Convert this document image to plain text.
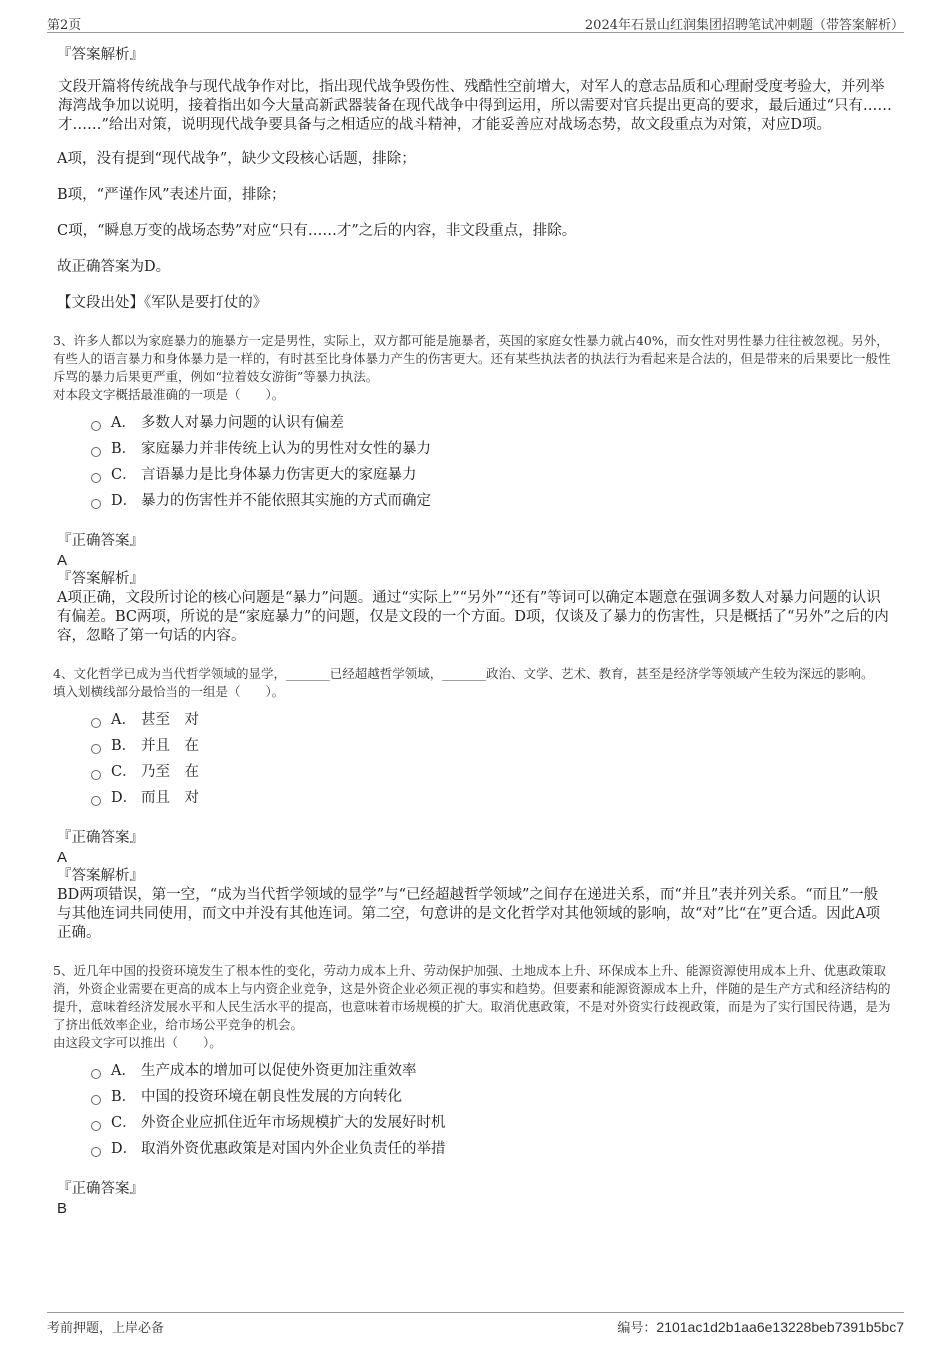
第2页	2024年石景山红润集团招聘笔试冲刺题（带答案解析）

『答案解析』

文段开篇将传统战争与现代战争作对比，指出现代战争毁伤性、残酷性空前增大，对军人的意志品质和心理耐受度考验大，并列举海湾战争加以说明，接着指出如今大量高新武器装备在现代战争中得到运用，所以需要对官兵提出更高的要求，最后通过“只有……才……”给出对策，说明现代战争要具备与之相适应的战斗精神，才能妥善应对战场态势，故文段重点为对策，对应D项。

A项，没有提到“现代战争”，缺少文段核心话题，排除；

B项，“严谨作风”表述片面，排除；

C项，“瞬息万变的战场态势”对应“只有……才”之后的内容，非文段重点，排除。

故正确答案为D。

【文段出处】《军队是要打仗的》

3、许多人都以为家庭暴力的施暴方一定是男性，实际上，双方都可能是施暴者，英国的家庭女性暴力就占40%，而女性对男性暴力往往被忽视。另外，有些人的语言暴力和身体暴力是一样的，有时甚至比身体暴力产生的伤害更大。还有某些执法者的执法行为看起来是合法的，但是带来的后果要比一般性斥骂的暴力后果更严重，例如“拉着妓女游街”等暴力执法。

对本段文字概括最准确的一项是（　　）。

A． 多数人对暴力问题的认识有偏差
B． 家庭暴力并非传统上认为的男性对女性的暴力
C． 言语暴力是比身体暴力伤害更大的家庭暴力
D． 暴力的伤害性并不能依照其实施的方式而确定

『正确答案』

A

『答案解析』

A项正确，文段所讨论的核心问题是“暴力”问题。通过“实际上”“另外”“还有”等词可以确定本题意在强调多数人对暴力问题的认识有偏差。BC两项，所说的是“家庭暴力”的问题，仅是文段的一个方面。D项，仅谈及了暴力的伤害性，只是概括了“另外”之后的内容，忽略了第一句话的内容。

4、文化哲学已成为当代哲学领域的显学，_______已经超越哲学领域，_______政治、文学、艺术、教育，甚至是经济学等领域产生较为深远的影响。

填入划横线部分最恰当的一组是（　　）。

A． 甚至　对
B． 并且　在
C． 乃至　在
D． 而且　对

『正确答案』

A

『答案解析』

BD两项错误，第一空，“成为当代哲学领域的显学”与“已经超越哲学领域”之间存在递进关系，而“并且”表并列关系。“而且”一般与其他连词共同使用，而文中并没有其他连词。第二空，句意讲的是文化哲学对其他领域的影响，故“对”比“在”更合适。因此A项正确。

5、近几年中国的投资环境发生了根本性的变化，劳动力成本上升、劳动保护加强、土地成本上升、环保成本上升、能源资源使用成本上升、优惠政策取消，外资企业需要在更高的成本上与内资企业竞争，这是外资企业必须正视的事实和趋势。但要素和能源资源成本上升，伴随的是生产方式和经济结构的提升，意味着经济发展水平和人民生活水平的提高，也意味着市场规模的扩大。取消优惠政策，不是对外资实行歧视政策，而是为了实行国民待遇，是为了挤出低效率企业，给市场公平竞争的机会。

由这段文字可以推出（　　）。

A． 生产成本的增加可以促使外资更加注重效率
B． 中国的投资环境在朝良性发展的方向转化
C． 外资企业应抓住近年市场规模扩大的发展好时机
D． 取消外资优惠政策是对国内外企业负责任的举措

『正确答案』

B

考前押题，上岸必备	编号：2101ac1d2b1aa6e13228beb7391b5bc7
